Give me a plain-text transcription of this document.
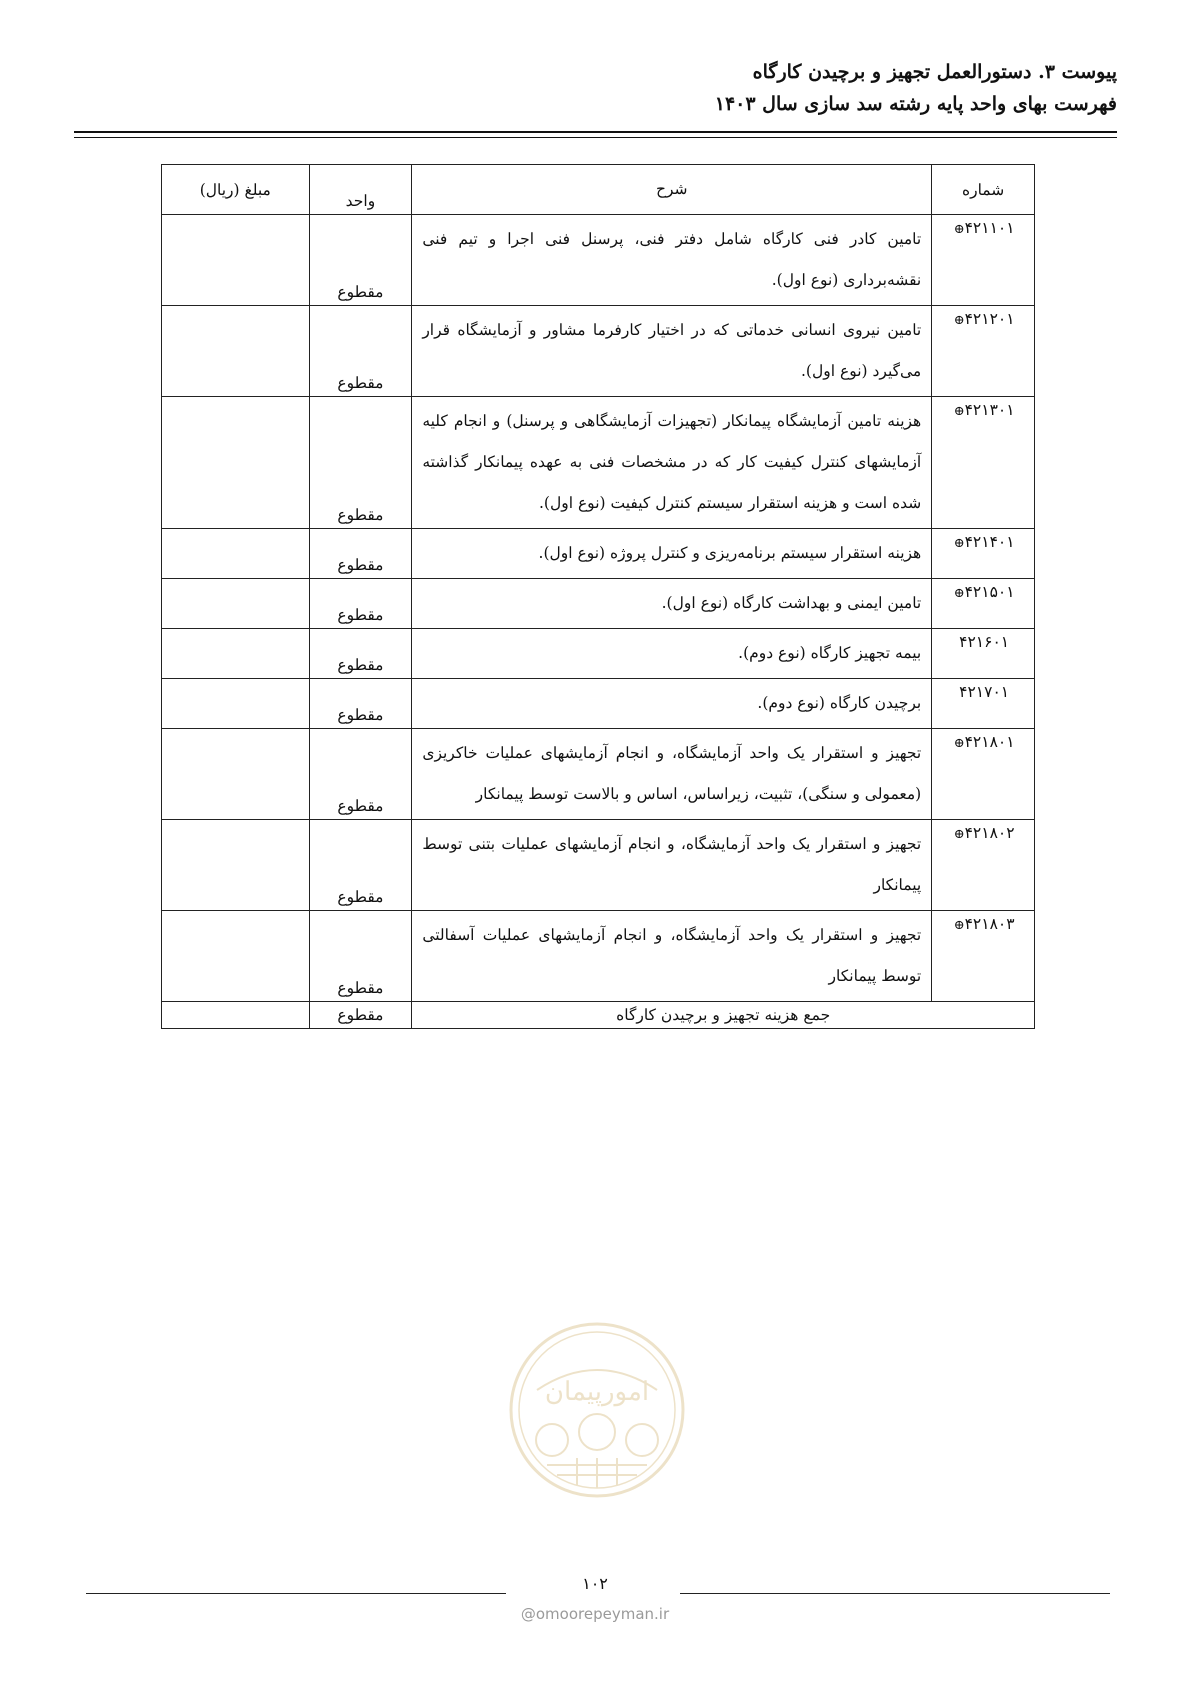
پیوست ۳. دستورالعمل تجهیز و برچیدن کارگاه
فهرست بهای واحد پایه رشته سد سازی سال ۱۴۰۳
شماره	شرح	واحد	مبلغ (ریال)
۴۲۱۱۰۱⊕	تامین کادر فنی کارگاه شامل دفتر فنی، پرسنل فنی اجرا و تیم فنی نقشه‌برداری (نوع اول).	مقطوع	
۴۲۱۲۰۱⊕	تامین نیروی انسانی خدماتی که در اختیار کارفرما مشاور و آزمایشگاه قرار می‌گیرد (نوع اول).	مقطوع	
۴۲۱۳۰۱⊕	هزینه تامین آزمایشگاه پیمانکار (تجهیزات آزمایشگاهی و پرسنل) و انجام کلیه آزمایشهای کنترل کیفیت کار که در مشخصات فنی به عهده پیمانکار گذاشته شده است و هزینه استقرار سیستم کنترل کیفیت (نوع اول).	مقطوع	
۴۲۱۴۰۱⊕	هزینه استقرار سیستم برنامه‌ریزی و کنترل پروژه (نوع اول).	مقطوع	
۴۲۱۵۰۱⊕	تامین ایمنی و بهداشت کارگاه (نوع اول).	مقطوع	
۴۲۱۶۰۱	بیمه تجهیز کارگاه (نوع دوم).	مقطوع	
۴۲۱۷۰۱	برچیدن کارگاه (نوع دوم).	مقطوع	
۴۲۱۸۰۱⊕	تجهیز و استقرار یک واحد آزمایشگاه، و انجام آزمایشهای عملیات خاکریزی (معمولی و سنگی)، تثبیت، زیراساس، اساس و بالاست توسط پیمانکار	مقطوع	
۴۲۱۸۰۲⊕	تجهیز و استقرار یک واحد آزمایشگاه، و انجام آزمایشهای عملیات بتنی توسط پیمانکار	مقطوع	
۴۲۱۸۰۳⊕	تجهیز و استقرار یک واحد آزمایشگاه، و انجام آزمایشهای عملیات آسفالتی توسط پیمانکار	مقطوع	
جمع هزینه تجهیز و برچیدن کارگاه		مقطوع	
امورپیمان
۱۰۲
@omoorepeyman.ir
